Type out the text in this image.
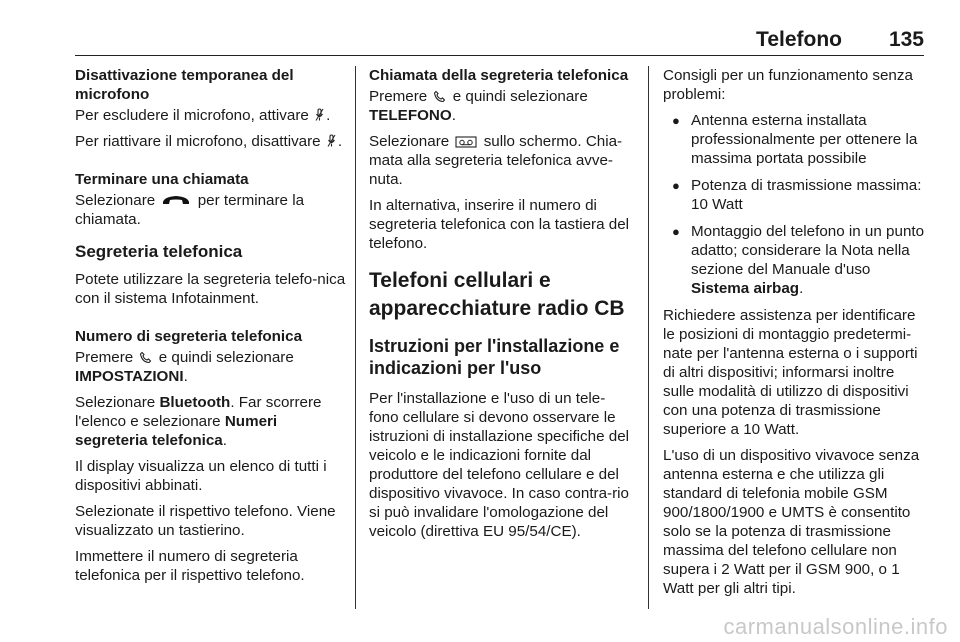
Telefono 135

Disattivazione temporanea del microfono

Per escludere il microfono, attivare .

Per riattivare il microfono, disattivare .

Terminare una chiamata

Selezionare	per terminare la chiamata.

Segreteria telefonica

Potete utilizzare la segreteria telefo-nica con il sistema Infotainment.

Numero di segreteria telefonica

Premere e quindi selezionare
IMPOSTAZIONI.

Selezionare Bluetooth. Far scorrere l'elenco e selezionare Numeri segreteria telefonica.

Il display visualizza un elenco di tutti i dispositivi abbinati.

Selezionate il rispettivo telefono. Viene visualizzato un tastierino.

Immettere il numero di segreteria telefonica per il rispettivo telefono.

Chiamata della segreteria telefonica

Premere e quindi selezionare
TELEFONO.

Selezionare sullo schermo. Chia-mata alla segreteria telefonica avve-nuta.

In alternativa, inserire il numero di segreteria telefonica con la tastiera del telefono.

Telefoni cellulari e apparecchiature radio CB

Istruzioni per l'installazione e indicazioni per l'uso

Per l'installazione e l'uso di un tele-fono cellulare si devono osservare le istruzioni di installazione specifiche del veicolo e le indicazioni fornite dal produttore del telefono cellulare e del dispositivo vivavoce. In caso contra-rio si può invalidare l'omologazione del veicolo (direttiva EU 95/54/CE).

Consigli per un funzionamento senza problemi:

● Antenna esterna installata professionalmente per ottenere la massima portata possibile
● Potenza di trasmissione massima: 10 Watt
● Montaggio del telefono in un punto adatto; considerare la Nota nella sezione del Manuale d'uso Sistema airbag.

Richiedere assistenza per identificare le posizioni di montaggio predetermi-nate per l'antenna esterna o i supporti di altri dispositivi; informarsi inoltre sulle modalità di utilizzo di dispositivi con una potenza di trasmissione superiore a 10 Watt.

L'uso di un dispositivo vivavoce senza antenna esterna e che utilizza gli standard di telefonia mobile GSM 900/1800/1900 e UMTS è consentito solo se la potenza di trasmissione massima del telefono cellulare non supera i 2 Watt per il GSM 900, o 1 Watt per gli altri tipi.

carmanualsonline.info
